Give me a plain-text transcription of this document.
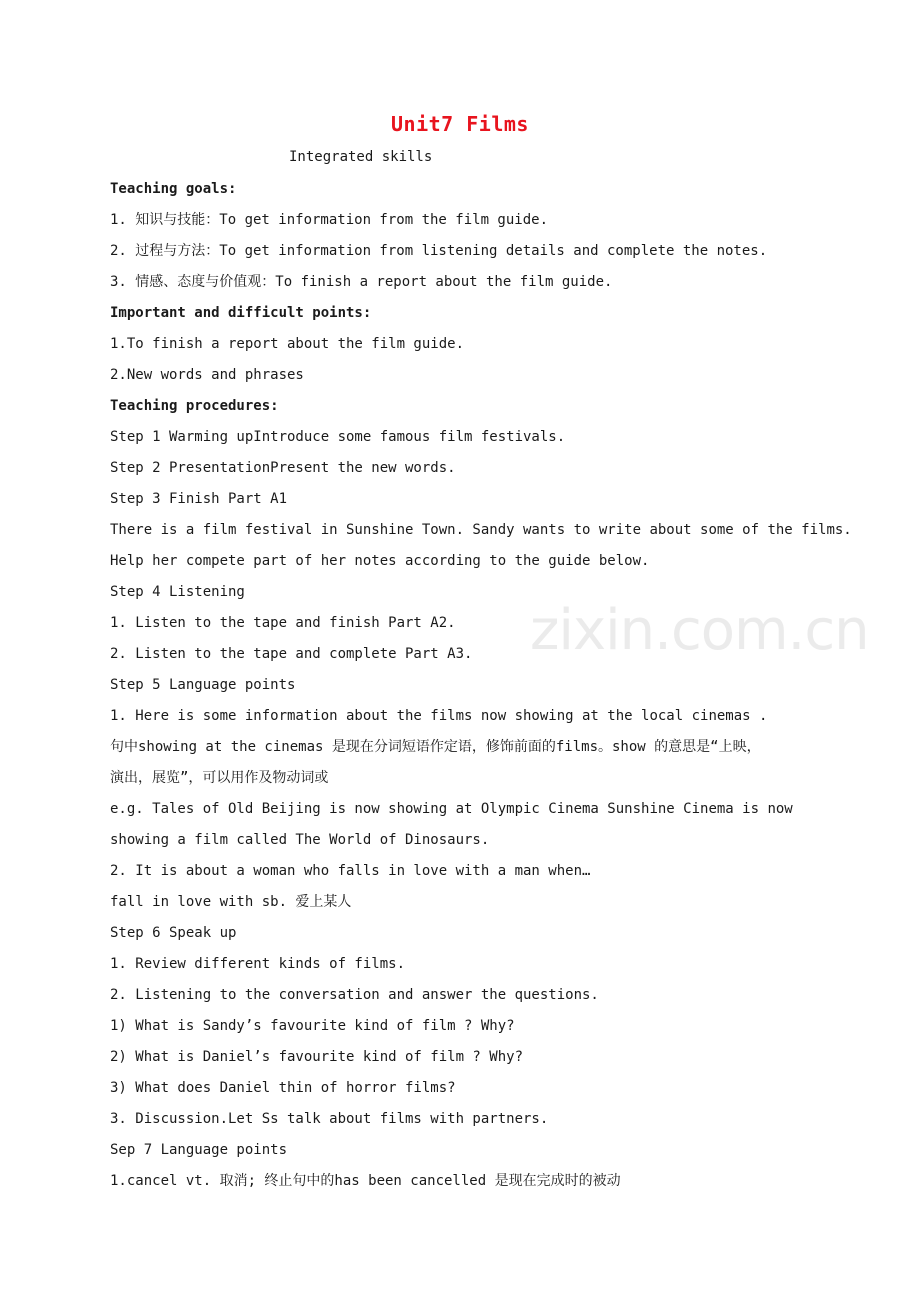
zixin.com.cn
Unit7 Films
Integrated skills
Teaching goals:
1. 知识与技能：To get information from the film guide.
2. 过程与方法：To get information from listening details and complete the notes.
3. 情感、态度与价值观：To finish a report about the film guide.
Important and difficult points:
1.To finish a report about the film guide.
2.New words and phrases
Teaching procedures:
Step 1 Warming upIntroduce some famous film festivals.
Step 2 PresentationPresent the new words.
Step 3 Finish Part A1
There is a film festival in Sunshine Town. Sandy wants to write about some of the films.
Help her compete part of her notes according to the guide below.
Step 4 Listening
1. Listen to the tape and finish Part A2.
2. Listen to the tape and complete Part A3.
Step 5 Language points
1. Here is some information about the films now showing at the local cinemas .
句中showing at the cinemas 是现在分词短语作定语，修饰前面的films。show 的意思是“上映，
演出，展览”，可以用作及物动词或
e.g. Tales of Old Beijing is now showing at Olympic Cinema Sunshine Cinema is now
showing a film called The World of Dinosaurs.
2. It is about a woman who falls in love with a man when…
fall in love with sb. 爱上某人
Step 6 Speak up
1. Review different kinds of films.
2. Listening to the conversation and answer the questions.
1) What is Sandy’s favourite kind of film ? Why?
2) What is Daniel’s favourite kind of film ? Why?
3) What does Daniel thin of horror films?
3. Discussion.Let Ss talk about films with partners.
Sep 7 Language points
1.cancel vt. 取消; 终止句中的has been cancelled 是现在完成时的被动
